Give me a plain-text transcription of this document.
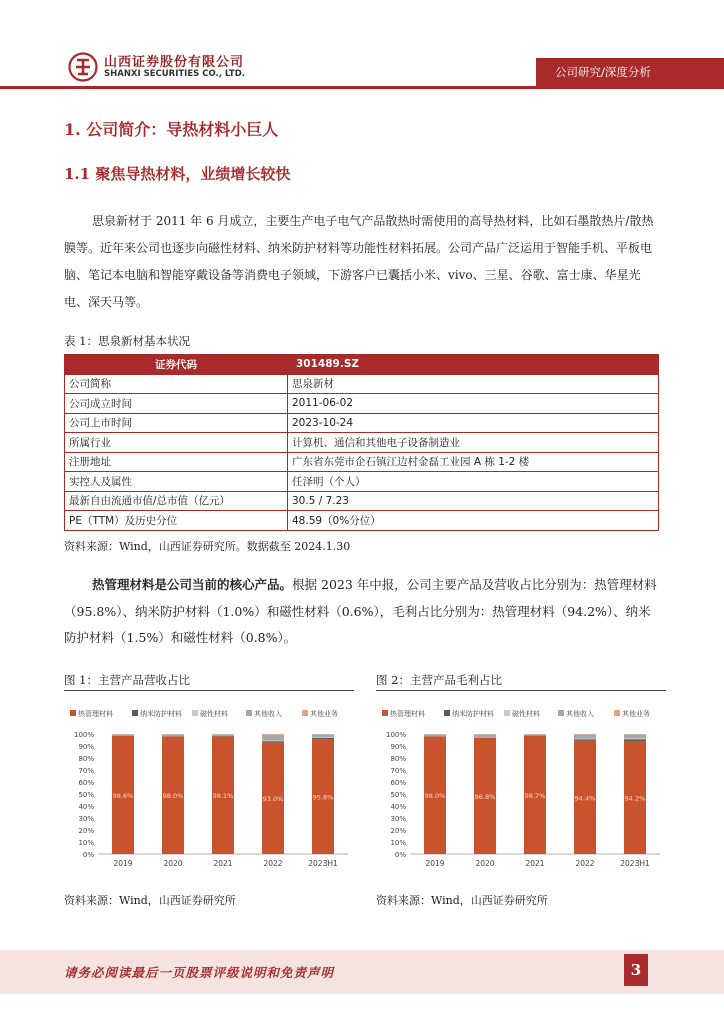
山西证券股份有限公司
SHANXI SECURITIES CO., LTD.	公司研究/深度分析
1. 公司简介：导热材料小巨人
1.1 聚焦导热材料，业绩增长较快
思泉新材于 2011 年 6 月成立，主要生产电子电气产品散热时需使用的高导热材料，比如石墨散热片/散热膜等。近年来公司也逐步向磁性材料、纳米防护材料等功能性材料拓展。公司产品广泛运用于智能手机、平板电脑、笔记本电脑和智能穿戴设备等消费电子领域，下游客户已囊括小米、vivo、三星、谷歌、富士康、华星光电、深天马等。
表 1：思泉新材基本状况
证券代码	301489.SZ
公司简称	思泉新材
公司成立时间	2011-06-02
公司上市时间	2023-10-24
所属行业	计算机、通信和其他电子设备制造业
注册地址	广东省东莞市企石镇江边村金磊工业园 A 栋 1-2 楼
实控人及属性	任泽明（个人）
最新自由流通市值/总市值（亿元）	30.5 / 7.23
PE（TTM）及历史分位	48.59（0%分位）
资料来源：Wind，山西证券研究所。数据截至 2024.1.30
热管理材料是公司当前的核心产品。根据 2023 年中报，公司主要产品及营收占比分别为：热管理材料（95.8%）、纳米防护材料（1.0%）和磁性材料（0.6%），毛利占比分别为：热管理材料（94.2%）、纳米防护材料（1.5%）和磁性材料（0.8%）。
图 1：主营产品营收占比	图 2：主营产品毛利占比
热管理材料	纳米防护材料	磁性材料	其他收入	其他业务
100%
90%
80%
70%
60%
50%
40%
30%
20%
10%
0%
98.6%
2019
98.0%
2020
98.1%
2021
93.0%
2022
95.8%
2023H1
热管理材料	纳米防护材料	磁性材料	其他收入	其他业务
100%
90%
80%
70%
60%
50%
40%
30%
20%
10%
0%
98.0%
2019
96.8%
2020
98.7%
2021
94.4%
2022
94.2%
2023H1
资料来源：Wind，山西证券研究所	资料来源：Wind，山西证券研究所
请务必阅读最后一页股票评级说明和免责声明	3
